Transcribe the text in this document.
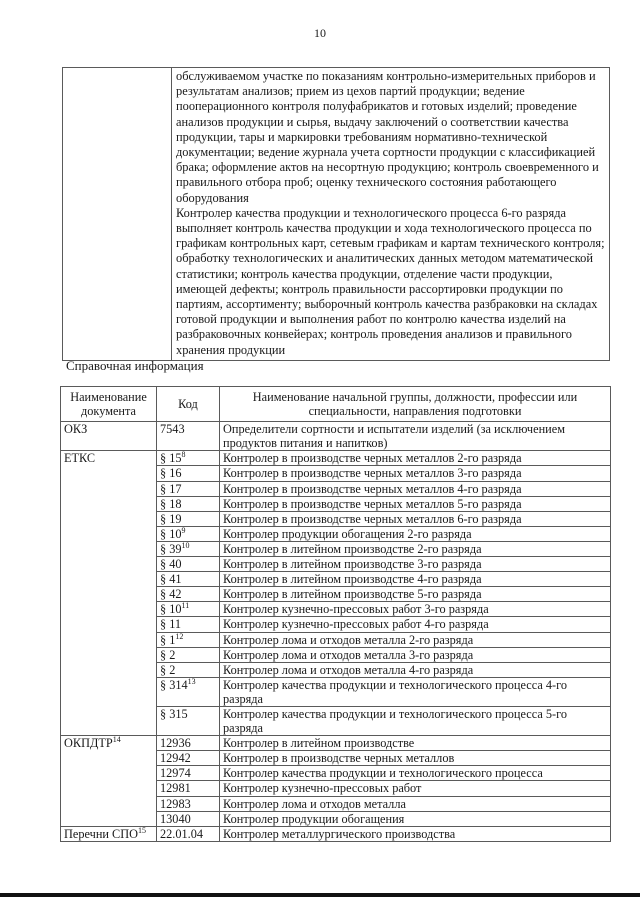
10

обслуживаемом участке по показаниям контрольно-измерительных приборов и результатам анализов; прием из цехов партий продукции; ведение пооперационного контроля полуфабрикатов и готовых изделий; проведение анализов продукции и сырья, выдачу заключений о соответствии качества продукции, тары и маркировки требованиям нормативно-технической документации; ведение журнала учета сортности продукции с классификацией брака; оформление актов на несортную продукцию; контроль своевременного и правильного отбора проб; оценку технического состояния работающего оборудования

Контролер качества продукции и технологического процесса 6-го разряда выполняет контроль качества продукции и хода технологического процесса по графикам контрольных карт, сетевым графикам и картам технического контроля; обработку технологических и аналитических данных методом математической статистики; контроль качества продукции, отделение части продукции, имеющей дефекты; контроль правильности рассортировки продукции по партиям, ассортименту; выборочный контроль качества разбраковки на складах готовой продукции и выполнения работ по контролю качества изделий на разбраковочных конвейерах; контроль проведения анализов и правильного хранения продукции

Справочная информация
Наименование документа	Код	Наименование начальной группы, должности, профессии или специальности, направления подготовки
ОКЗ	7543	Определители сортности и испытатели изделий (за исключением продуктов питания и напитков)
ЕТКС	§ $15^8$	Контролер в производстве черных металлов 2-го разряда
	§ 16	Контролер в производстве черных металлов 3-го разряда
	§ 17	Контролер в производстве черных металлов 4-го разряда
	§ 18	Контролер в производстве черных металлов 5-го разряда
	§ 19	Контролер в производстве черных металлов 6-го разряда
	§ $10^9$	Контролер продукции обогащения 2-го разряда
	§ $39^{10}$	Контролер в литейном производстве 2-го разряда
	§ 40	Контролер в литейном производстве 3-го разряда
	§ 41	Контролер в литейном производстве 4-го разряда
	§ 42	Контролер в литейном производстве 5-го разряда
	§ $10^{11}$	Контролер кузнечно-прессовых работ 3-го разряда
	§ 11	Контролер кузнечно-прессовых работ 4-го разряда
	§ $1^{12}$	Контролер лома и отходов металла 2-го разряда
	§ 2	Контролер лома и отходов металла 3-го разряда
	§ 2	Контролер лома и отходов металла 4-го разряда
	§ $314^{13}$	Контролер качества продукции и технологического процесса 4-го разряда
	§ 315	Контролер качества продукции и технологического процесса 5-го разряда
ОКПДТР$^{14}$	12936	Контролер в литейном производстве
	12942	Контролер в производстве черных металлов
	12974	Контролер качества продукции и технологического процесса
	12981	Контролер кузнечно-прессовых работ
	12983	Контролер лома и отходов металла
	13040	Контролер продукции обогащения
Перечни СПО$^{15}$	22.01.04	Контролер металлургического производства
